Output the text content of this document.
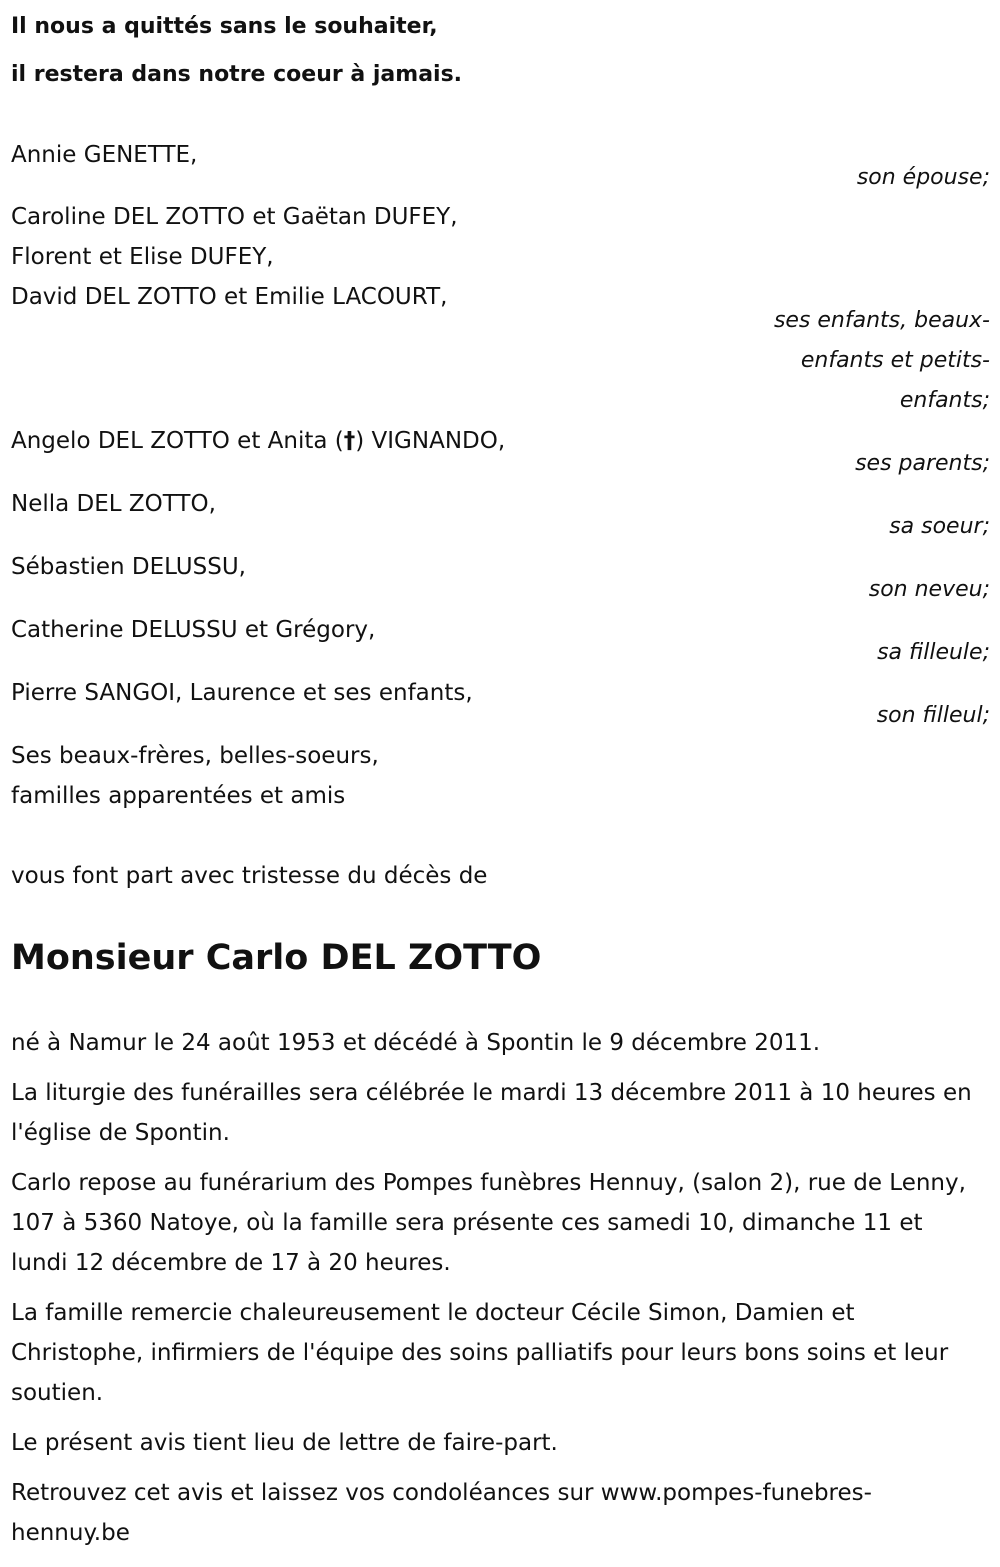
Il nous a quittés sans le souhaiter,
il restera dans notre coeur à jamais.
Annie GENETTE,
son épouse;
Caroline DEL ZOTTO et Gaëtan DUFEY,
Florent et Elise DUFEY,
David DEL ZOTTO et Emilie LACOURT,
ses enfants, beaux-
enfants et petits-
enfants;
Angelo DEL ZOTTO et Anita (†) VIGNANDO,
ses parents;
Nella DEL ZOTTO,
sa soeur;
Sébastien DELUSSU,
son neveu;
Catherine DELUSSU et Grégory,
sa filleule;
Pierre SANGOI, Laurence et ses enfants,
son filleul;
Ses beaux-frères, belles-soeurs,
familles apparentées et amis
vous font part avec tristesse du décès de
Monsieur Carlo DEL ZOTTO
né à Namur le 24 août 1953 et décédé à Spontin le 9 décembre 2011.
La liturgie des funérailles sera célébrée le mardi 13 décembre 2011 à 10 heures en l'église de Spontin.
Carlo repose au funérarium des Pompes funèbres Hennuy, (salon 2), rue de Lenny, 107 à 5360 Natoye, où la famille sera présente ces samedi 10, dimanche 11 et lundi 12 décembre de 17 à 20 heures.
La famille remercie chaleureusement le docteur Cécile Simon, Damien et Christophe, infirmiers de l'équipe des soins palliatifs pour leurs bons soins et leur soutien.
Le présent avis tient lieu de lettre de faire-part.
Retrouvez cet avis et laissez vos condoléances sur www.pompes-funebres-hennuy.be
